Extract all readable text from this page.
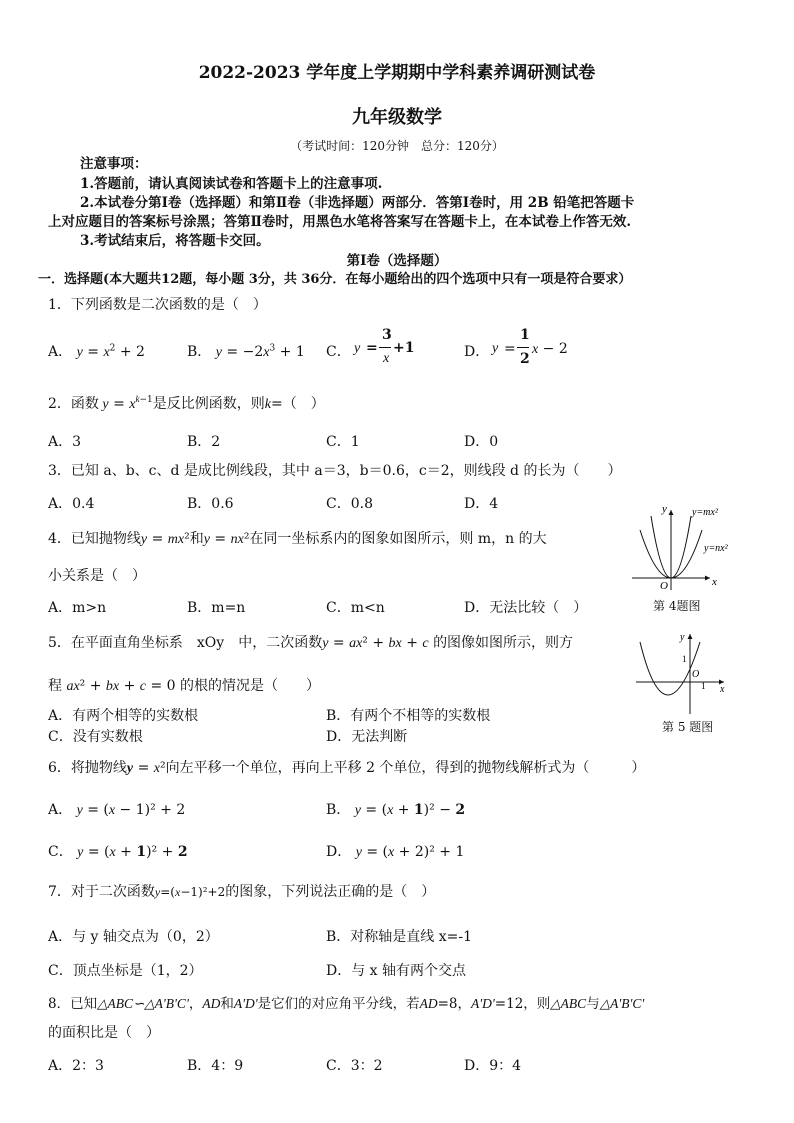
2022-2023 学年度上学期期中学科素养调研测试卷
九年级数学
（考试时间：120分钟　总分：120分）
注意事项：
1.答题前，请认真阅读试卷和答题卡上的注意事项.
2.本试卷分第Ⅰ卷（选择题）和第Ⅱ卷（非选择题）两部分．答第Ⅰ卷时，用 2B 铅笔把答题卡
上对应题目的答案标号涂黑；答第Ⅱ卷时，用黑色水笔将答案写在答题卡上，在本试卷上作答无效.
3.考试结束后，将答题卡交回。
第Ⅰ卷（选择题）
一．选择题(本大题共12题，每小题 3分，共 36分．在每小题给出的四个选项中只有一项是符合要求）
1．下列函数是二次函数的是（　）
A． $y = x^2 + 2$	B． $y = -2x^3 + 1$ C． y =
3
x
+1	D． y =
1
2
x − 2
2．函数 $y = x^{k-1}$是反比例函数，则k=（　）
A．3	B．2	C．1	D．0
3．已知 a、b、c、d 是成比例线段，其中 a＝3，b＝0.6，c＝2，则线段 d 的长为（　　）
A．0.4	B．0.6	C．0.8	D．4
4．已知抛物线y = mx²和y = nx²在同一坐标系内的图象如图所示，则 m，n 的大
小关系是（　）
A．m>n	B．m=n	C．m<n	D．无法比较（　）
y
x
O
y=mx²
y=nx²
第 4题图
5．在平面直角坐标系　xOy　中，二次函数y = ax² + bx + c 的图像如图所示，则方
程 ax² + bx + c = 0 的根的情况是（　　）
A．有两个相等的实数根	B．有两个不相等的实数根
C．没有实数根	D．无法判断
y
x
1
O
1
第 5 题图
6．将抛物线y = x²向左平移一个单位，再向上平移 2 个单位，得到的抛物线解析式为（　　　）
A． y = (x − 1)² + 2	B． y = (x + 1)² − 2
C． y = (x + 1)² + 2	D． y = (x + 2)² + 1
7．对于二次函数y=(x−1)²+2的图象，下列说法正确的是（　）
A．与 y 轴交点为（0，2）	B．对称轴是直线 x=-1
C．顶点坐标是（1，2）	D．与 x 轴有两个交点
8．已知△ABC∽△A'B'C'，AD和A'D'是它们的对应角平分线，若AD=8，A'D'=12，则△ABC与△A'B'C'
的面积比是（　）
A．2：3	B．4：9	C．3：2	D．9：4
